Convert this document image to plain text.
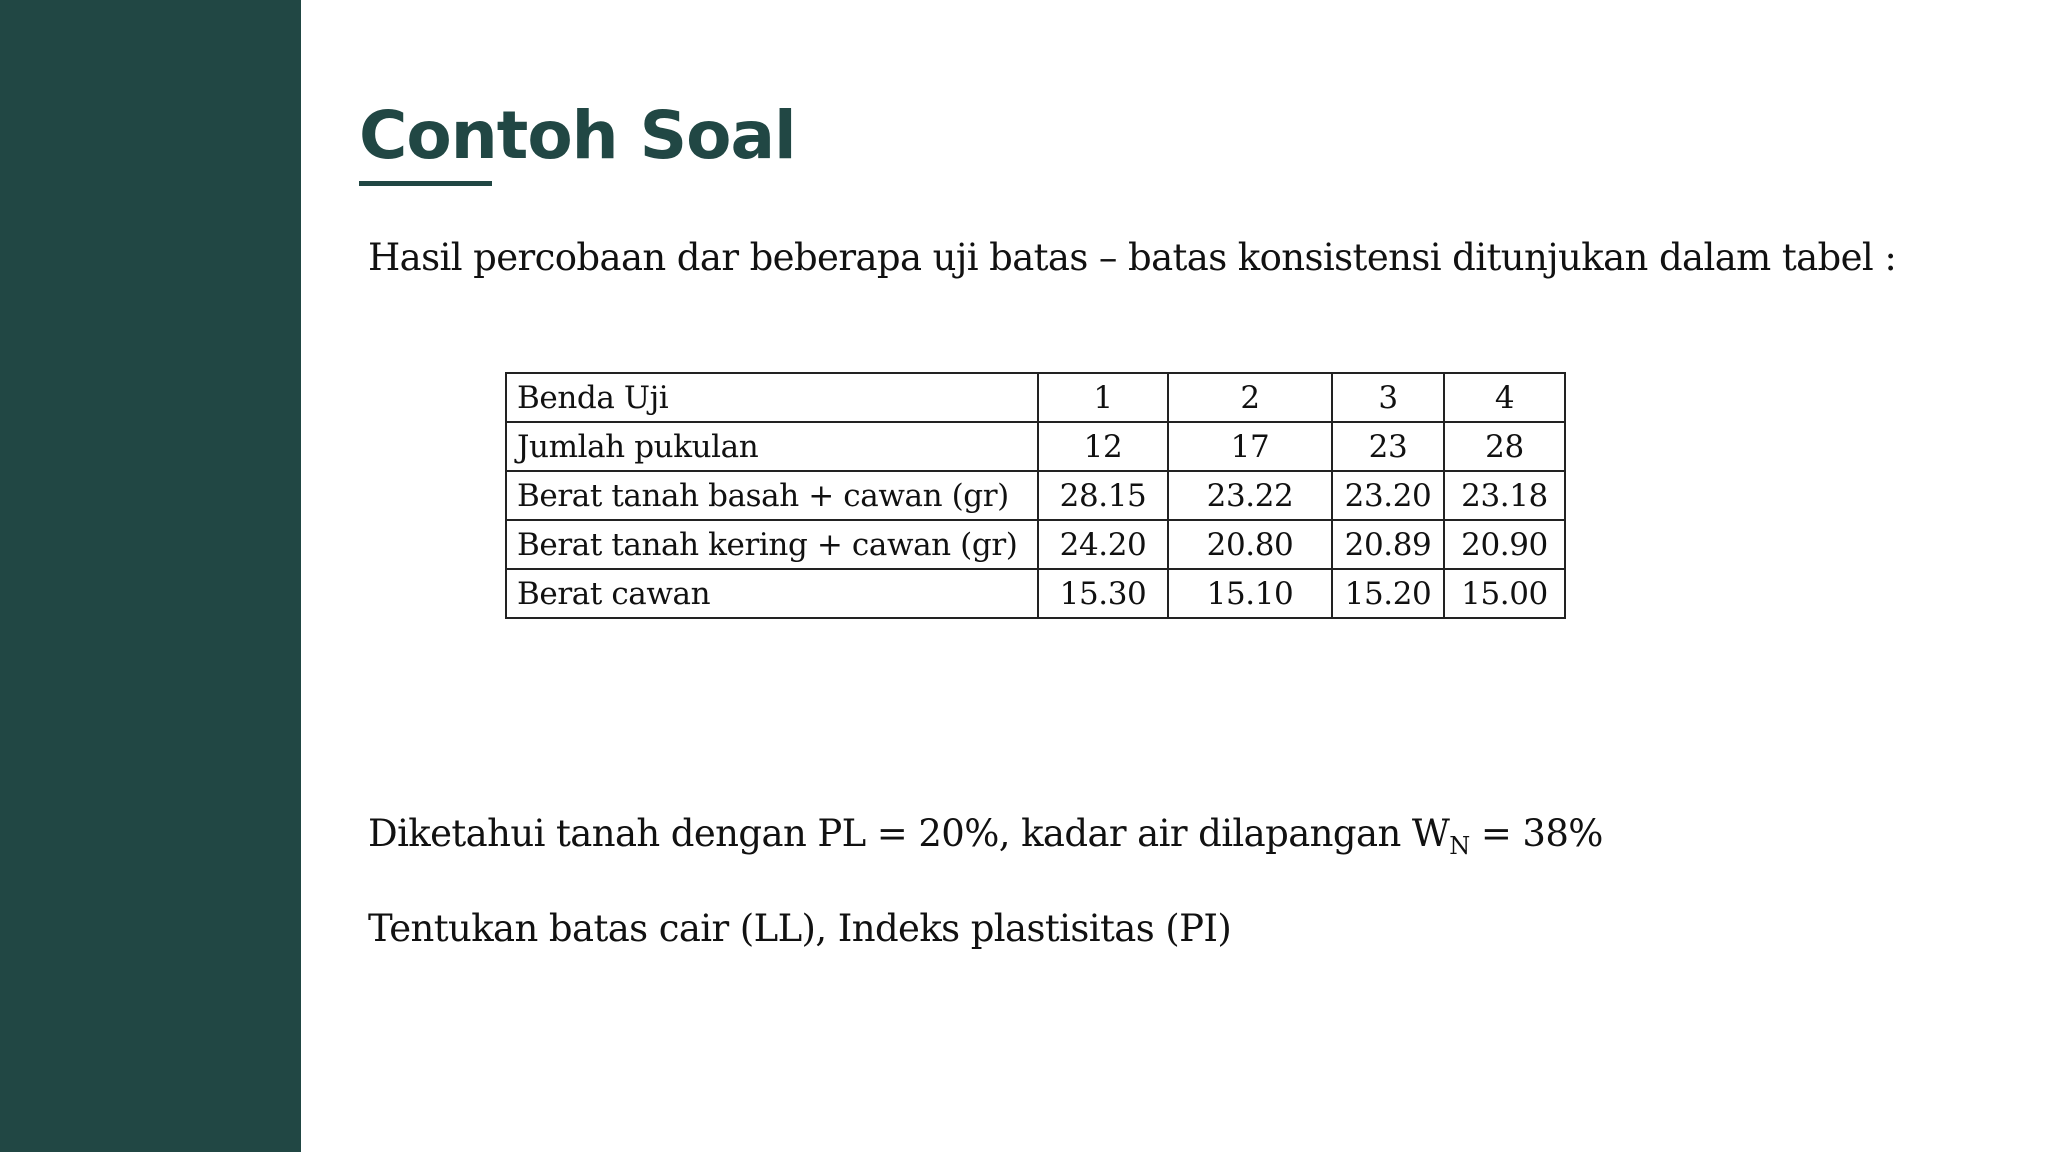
Contoh Soal

Hasil percobaan dar beberapa uji batas – batas konsistensi ditunjukan dalam tabel :

Benda Uji	1	2	3	4
Jumlah pukulan	12	17	23	28
Berat tanah basah + cawan (gr)	28.15	23.22	23.20	23.18
Berat tanah kering + cawan (gr)	24.20	20.80	20.89	20.90
Berat cawan	15.30	15.10	15.20	15.00

Diketahui tanah dengan PL = 20%, kadar air dilapangan $W_N = 38\%$

Tentukan batas cair (LL), Indeks plastisitas (PI)
